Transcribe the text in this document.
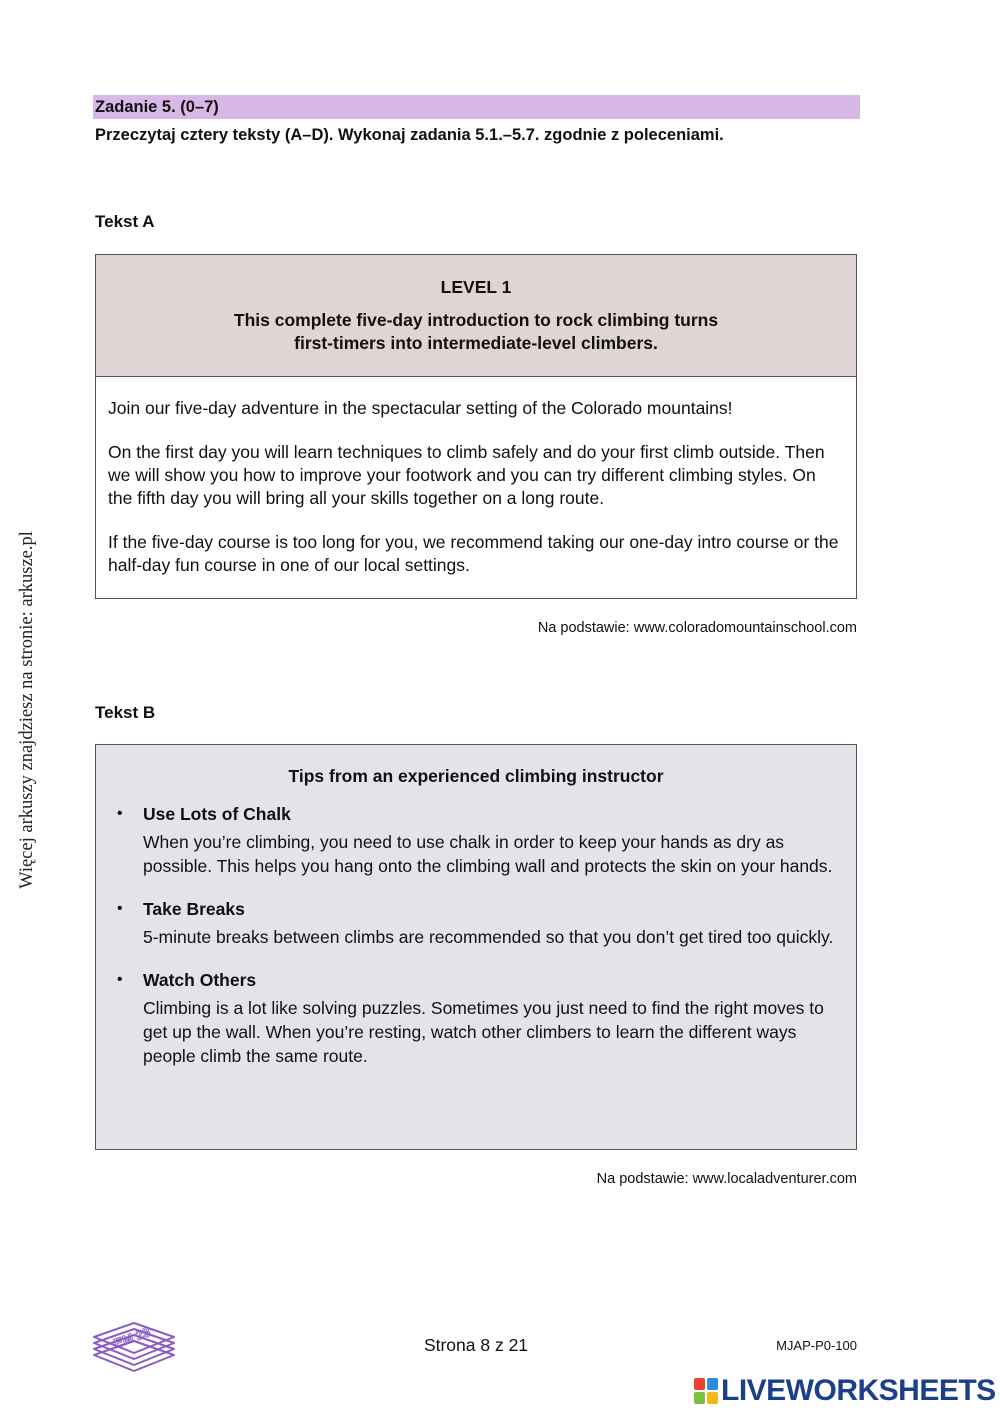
Zadanie 5. (0–7)
Przeczytaj cztery teksty (A–D). Wykonaj zadania 5.1.–5.7. zgodnie z poleceniami.
Tekst A
LEVEL 1
This complete five-day introduction to rock climbing turns
first-timers into intermediate-level climbers.

Join our five-day adventure in the spectacular setting of the Colorado mountains!

On the first day you will learn techniques to climb safely and do your first climb outside. Then we will show you how to improve your footwork and you can try different climbing styles. On the fifth day you will bring all your skills together on a long route.

If the five-day course is too long for you, we recommend taking our one-day intro course or the half-day fun course in one of our local settings.

Na podstawie: www.coloradomountainschool.com
Tekst B
Tips from an experienced climbing instructor
• Use Lots of Chalk
When you’re climbing, you need to use chalk in order to keep your hands as dry as possible. This helps you hang onto the climbing wall and protects the skin on your hands.
• Take Breaks
5-minute breaks between climbs are recommended so that you don’t get tired too quickly.
• Watch Others
Climbing is a lot like solving puzzles. Sometimes you just need to find the right moves to get up the wall. When you’re resting, watch other climbers to learn the different ways people climb the same route.
Na podstawie: www.localadventurer.com
Więcej arkuszy znajdziesz na stronie: arkusze.pl
EM 23	Strona 8 z 21	MJAP-P0-100
LIVEWORKSHEETS
